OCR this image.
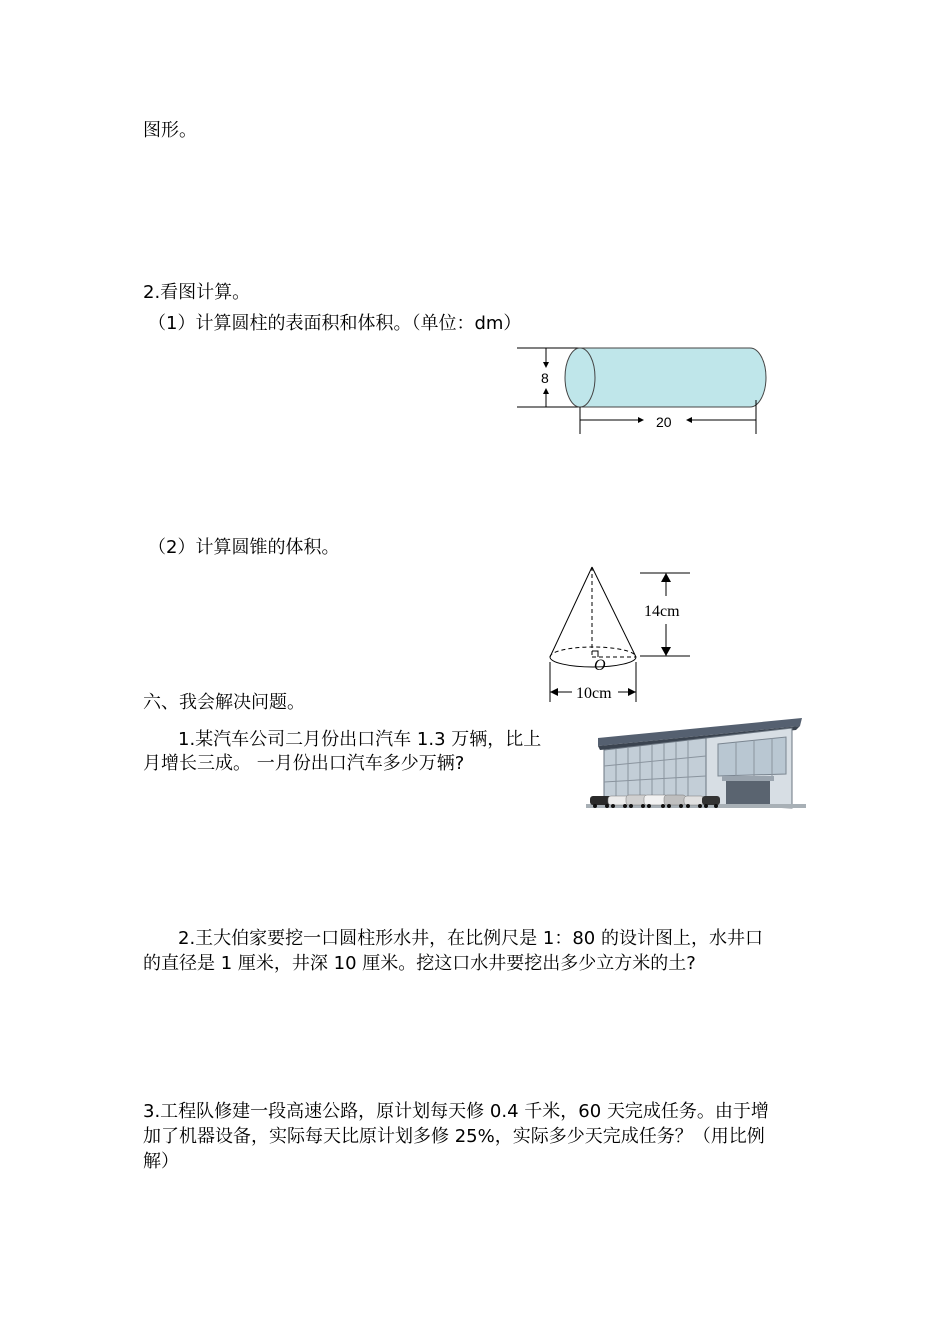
图形。
2.看图计算。
（1）计算圆柱的表面积和体积。（单位：dm）
8
20
（2）计算圆锥的体积。
O
14cm
10cm
六、我会解决问题。
1.某汽车公司二月份出口汽车 1.3 万辆，比上
月增长三成。 一月份出口汽车多少万辆?
2.王大伯家要挖一口圆柱形水井，在比例尺是 1：80 的设计图上，水井口
的直径是 1 厘米，井深 10 厘米。挖这口水井要挖出多少立方米的土?
3.工程队修建一段高速公路，原计划每天修 0.4 千米，60 天完成任务。由于增
加了机器设备，实际每天比原计划多修 25%，实际多少天完成任务？（用比例
解）
